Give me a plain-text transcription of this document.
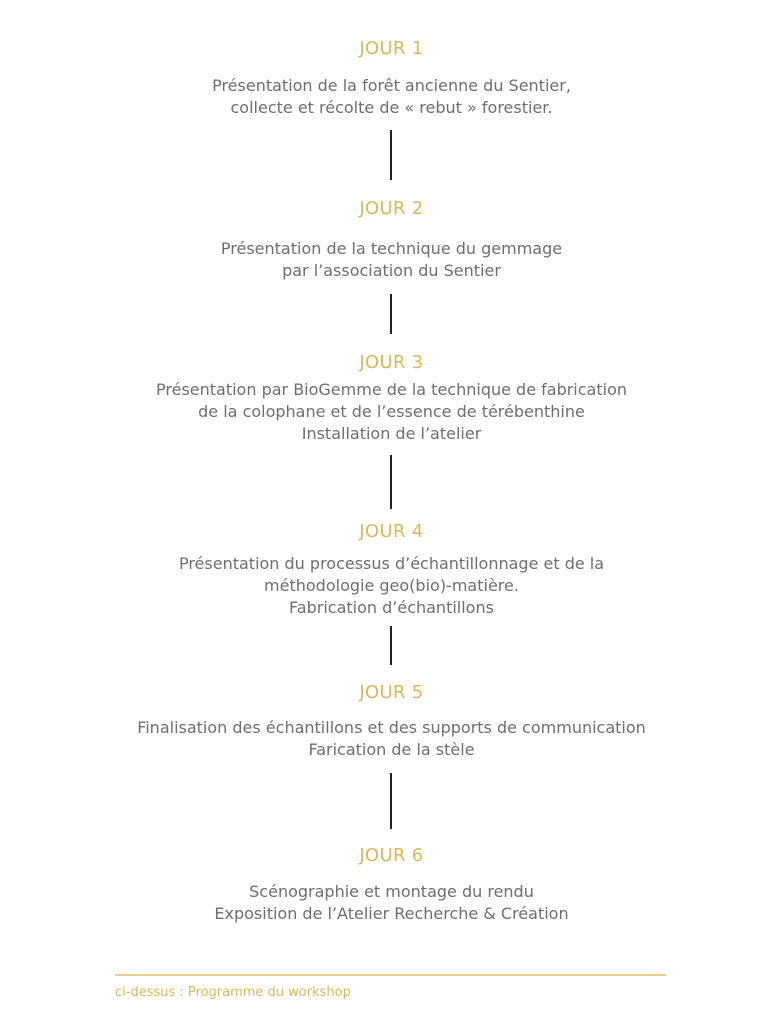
JOUR 1
Présentation de la forêt ancienne du Sentier,
collecte et récolte de « rebut » forestier.
JOUR 2
Présentation de la technique du gemmage
par l’association du Sentier
JOUR 3
Présentation par BioGemme de la technique de fabrication
de la colophane et de l’essence de térébenthine
Installation de l’atelier
JOUR 4
Présentation du processus d’échantillonnage et de la
méthodologie geo(bio)-matière.
Fabrication d’échantillons
JOUR 5
Finalisation des échantillons et des supports de communication
Farication de la stèle
JOUR 6
Scénographie et montage du rendu
Exposition de l’Atelier Recherche & Création
ci-dessus : Programme du workshop
